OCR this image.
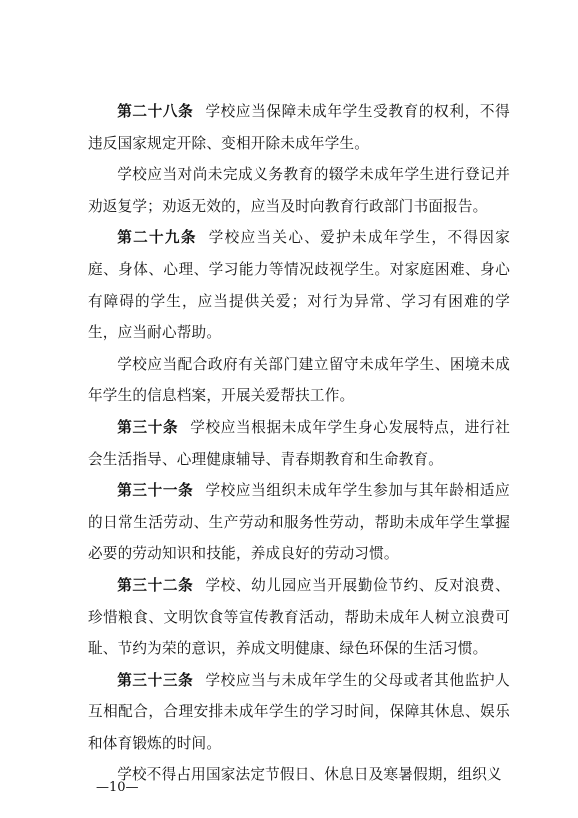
第二十八条 学校应当保障未成年学生受教育的权利，不得违反国家规定开除、变相开除未成年学生。

学校应当对尚未完成义务教育的辍学未成年学生进行登记并劝返复学；劝返无效的，应当及时向教育行政部门书面报告。

第二十九条 学校应当关心、爱护未成年学生，不得因家庭、身体、心理、学习能力等情况歧视学生。对家庭困难、身心有障碍的学生，应当提供关爱；对行为异常、学习有困难的学生，应当耐心帮助。

学校应当配合政府有关部门建立留守未成年学生、困境未成年学生的信息档案，开展关爱帮扶工作。

第三十条 学校应当根据未成年学生身心发展特点，进行社会生活指导、心理健康辅导、青春期教育和生命教育。

第三十一条 学校应当组织未成年学生参加与其年龄相适应的日常生活劳动、生产劳动和服务性劳动，帮助未成年学生掌握必要的劳动知识和技能，养成良好的劳动习惯。

第三十二条 学校、幼儿园应当开展勤俭节约、反对浪费、珍惜粮食、文明饮食等宣传教育活动，帮助未成年人树立浪费可耻、节约为荣的意识，养成文明健康、绿色环保的生活习惯。

第三十三条 学校应当与未成年学生的父母或者其他监护人互相配合，合理安排未成年学生的学习时间，保障其休息、娱乐和体育锻炼的时间。

学校不得占用国家法定节假日、休息日及寒暑假期，组织义

—10—
